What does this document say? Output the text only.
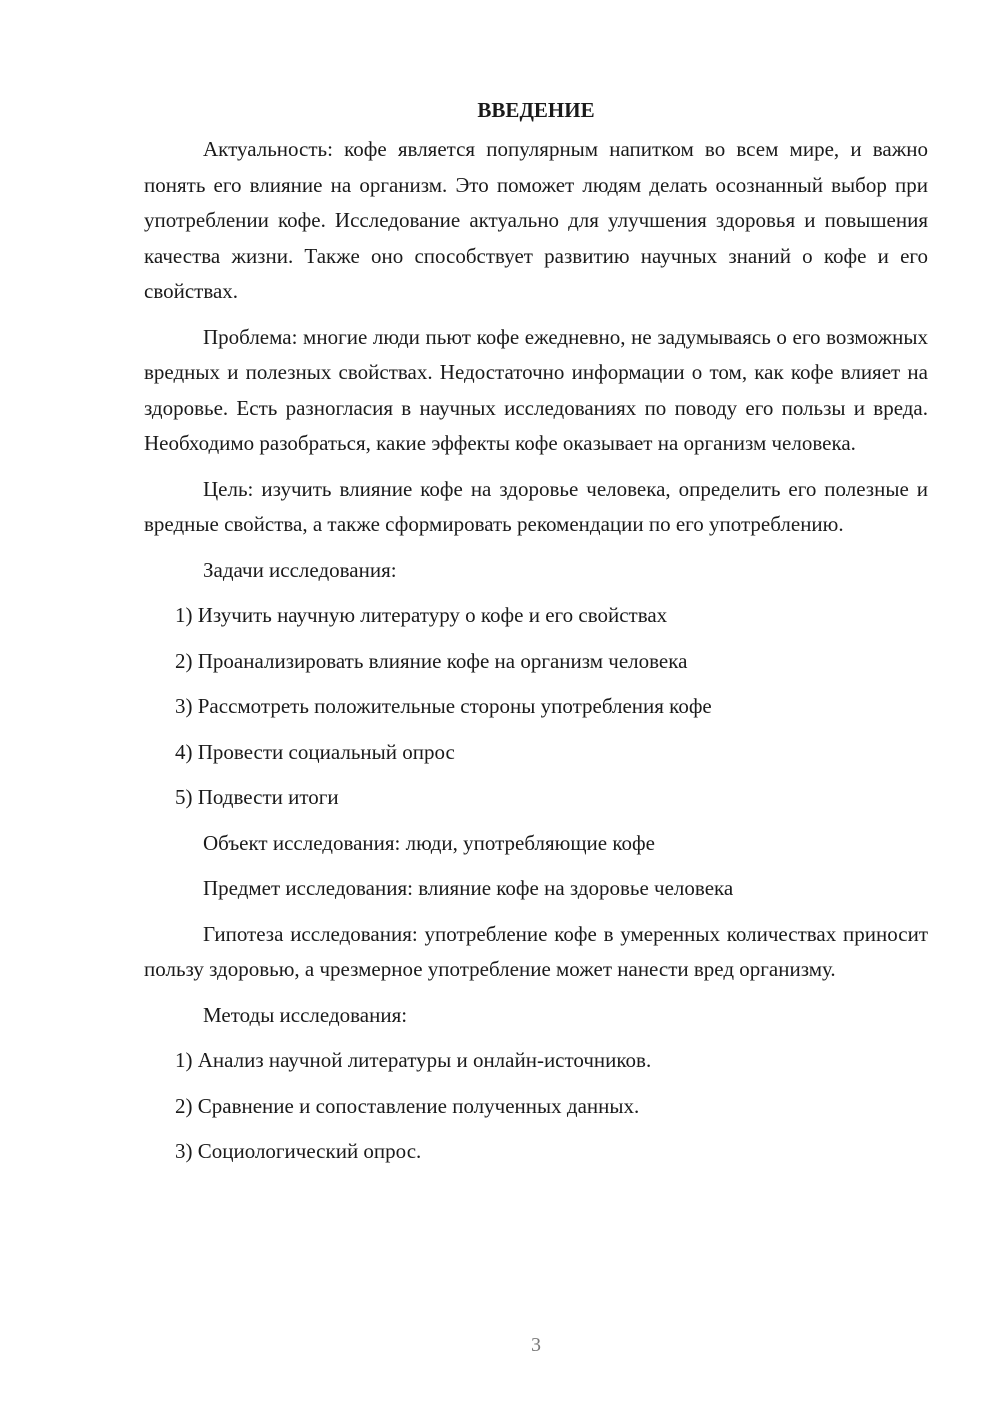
ВВЕДЕНИЕ

Актуальность: кофе является популярным напитком во всем мире, и важно понять его влияние на организм. Это поможет людям делать осознанный выбор при употреблении кофе. Исследование актуально для улучшения здоровья и повышения качества жизни. Также оно способствует развитию научных знаний о кофе и его свойствах.

Проблема: многие люди пьют кофе ежедневно, не задумываясь о его возможных вредных и полезных свойствах. Недостаточно информации о том, как кофе влияет на здоровье. Есть разногласия в научных исследованиях по поводу его пользы и вреда. Необходимо разобраться, какие эффекты кофе оказывает на организм человека.

Цель: изучить влияние кофе на здоровье человека, определить его полезные и вредные свойства, а также сформировать рекомендации по его употреблению.

Задачи исследования:

1) Изучить научную литературу о кофе и его свойствах

2) Проанализировать влияние кофе на организм человека

3) Рассмотреть положительные стороны употребления кофе

4) Провести социальный опрос

5) Подвести итоги

Объект исследования: люди, употребляющие кофе

Предмет исследования: влияние кофе на здоровье человека

Гипотеза исследования: употребление кофе в умеренных количествах приносит пользу здоровью, а чрезмерное употребление может нанести вред организму.

Методы исследования:

1) Анализ научной литературы и онлайн-источников.

2) Сравнение и сопоставление полученных данных.

3) Социологический опрос.

3
